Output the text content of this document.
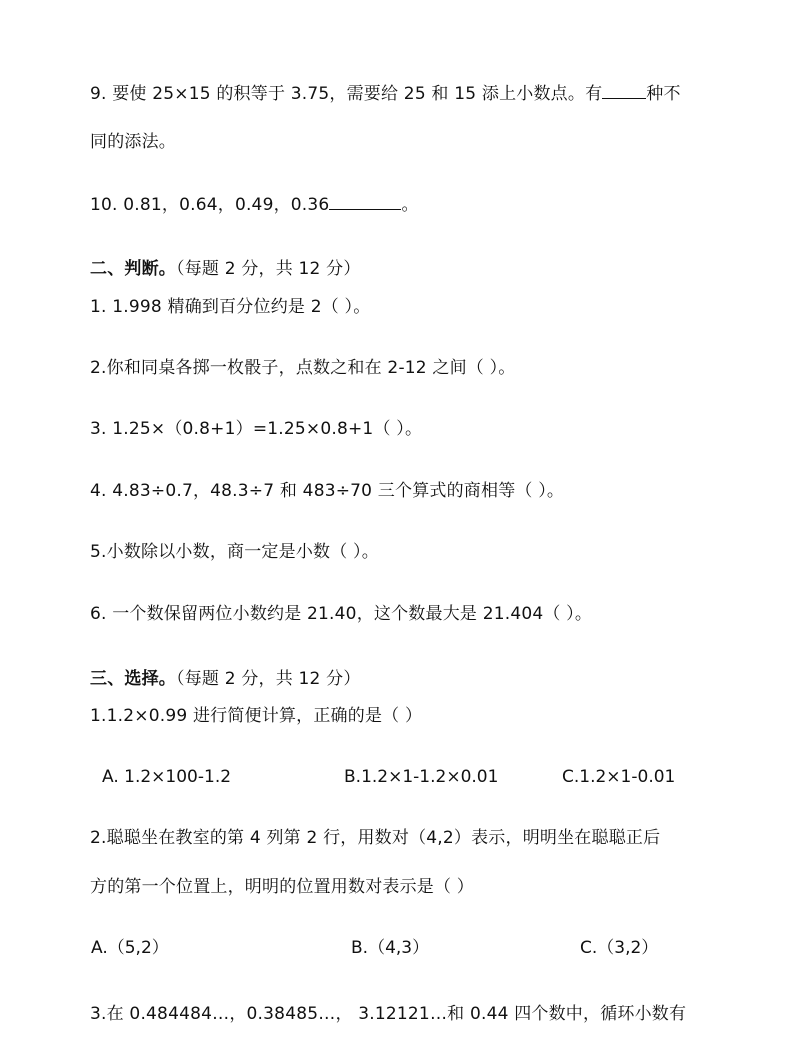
9. 要使 25×15 的积等于 3.75，需要给 25 和 15 添上小数点。有	种不
同的添法。
10. 0.81，0.64，0.49，0.36	。
二、判断。（每题 2 分，共 12 分）
1. 1.998 精确到百分位约是 2（ ）。
2.你和同桌各掷一枚骰子，点数之和在 2-12 之间（ ）。
3. 1.25×（0.8+1）=1.25×0.8+1（ ）。
4. 4.83÷0.7，48.3÷7 和 483÷70 三个算式的商相等（ ）。
5.小数除以小数，商一定是小数（ ）。
6. 一个数保留两位小数约是 21.40，这个数最大是 21.404（ ）。
三、选择。（每题 2 分，共 12 分）
1.1.2×0.99 进行简便计算，正确的是（ ）
A. 1.2×100-1.2	B.1.2×1-1.2×0.01	C.1.2×1-0.01
2.聪聪坐在教室的第 4 列第 2 行，用数对（4,2）表示，明明坐在聪聪正后
方的第一个位置上，明明的位置用数对表示是（ ）
A.（5,2）	B.（4,3）	C.（3,2）
3.在 0.484484…，0.38485…， 3.12121…和 0.44 四个数中，循环小数有
